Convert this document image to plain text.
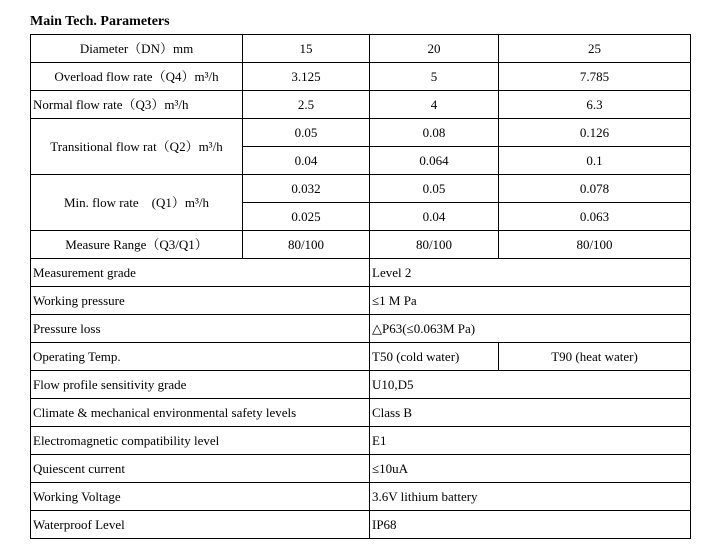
Main Tech. Parameters
Diameter（DN）mm	15	20	25
Overload flow rate（Q4）m³/h	3.125	5	7.785
Normal flow rate（Q3）m³/h	2.5	4	6.3
Transitional flow rat（Q2）m³/h	0.05	0.08	0.126
	0.04	0.064	0.1
Min. flow rate　(Q1）m³/h	0.032	0.05	0.078
	0.025	0.04	0.063
Measure Range（Q3/Q1）	80/100	80/100	80/100
Measurement grade		Level 2	
Working pressure		≤1 M Pa	
Pressure loss		△P63(≤0.063M Pa)	
Operating Temp.		T50 (cold water)	T90 (heat water)
Flow profile sensitivity grade		U10,D5	
Climate & mechanical environmental safety levels		Class B	
Electromagnetic compatibility level		E1	
Quiescent current		≤10uA	
Working Voltage		3.6V lithium battery	
Waterproof Level		IP68	
